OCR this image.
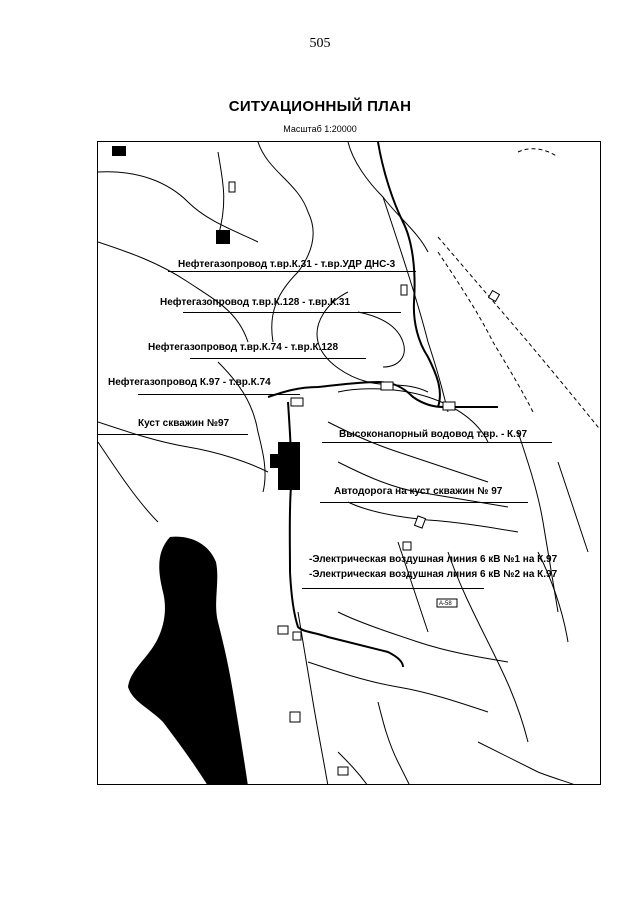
505
СИТУАЦИОННЫЙ ПЛАН
Масштаб 1:20000
A-58
Нефтегазопровод т.вр.К.31 - т.вр.УДР ДНС-3
Нефтегазопровод т.вр.К.128 - т.вр.К.31
Нефтегазопровод т.вр.К.74 - т.вр.К.128
Нефтегазопровод К.97 - т.вр.К.74
Куст скважин №97
Высоконапорный водовод т.вр. - К.97
Автодорога на куст скважин № 97
-Электрическая воздушная линия 6 кВ №1 на К.97
-Электрическая воздушная линия 6 кВ №2 на К.97
